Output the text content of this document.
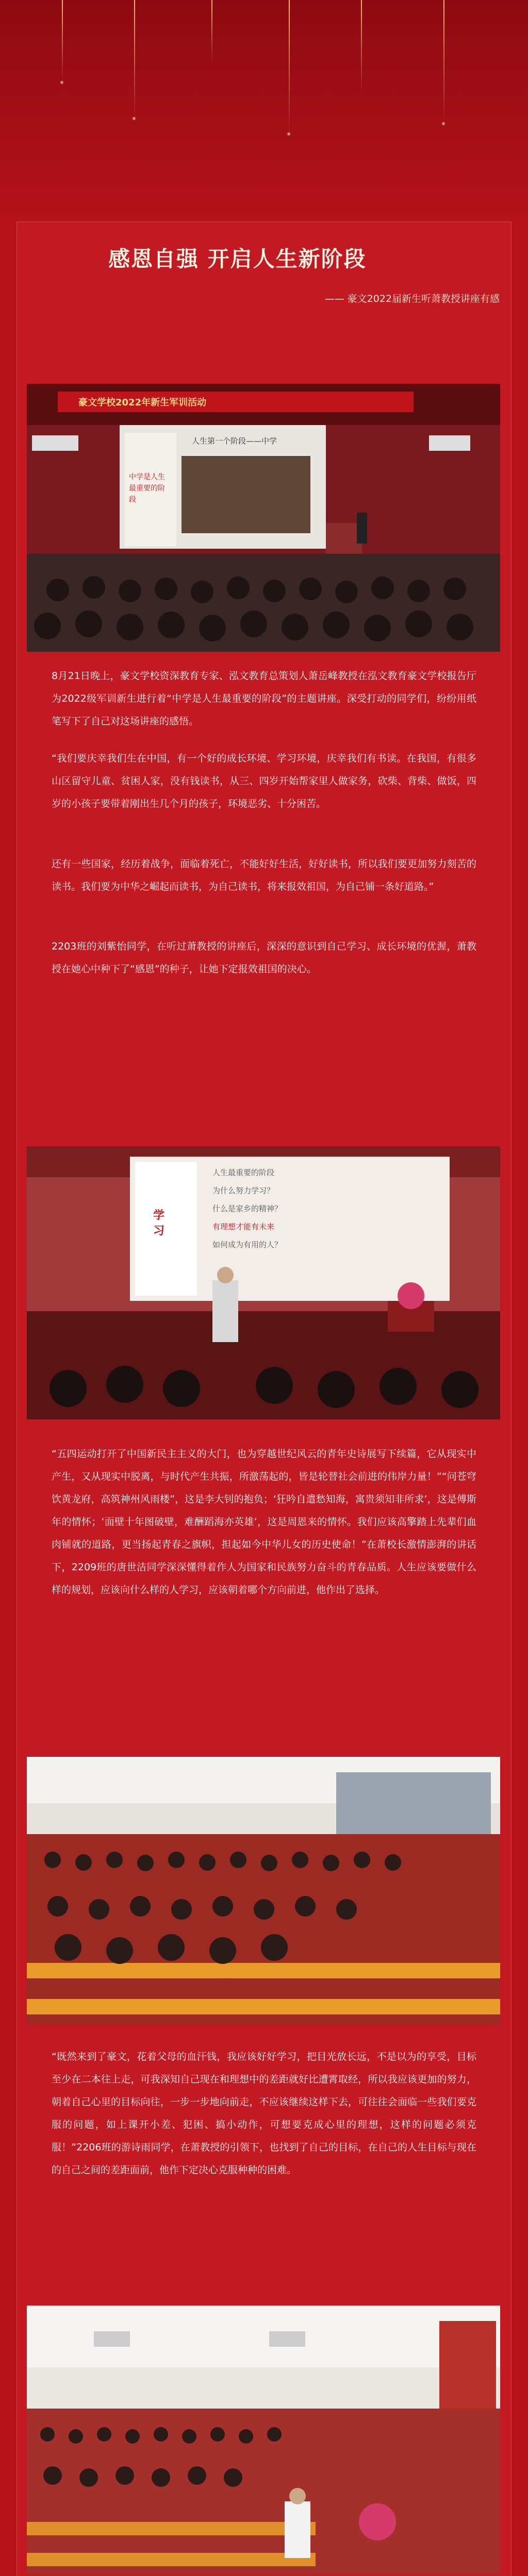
感恩自强 开启人生新阶段
—— 豪文2022届新生听萧教授讲座有感
豪文学校2022年新生军训活动
人生第一个阶段——中学
中学是人生最重要的阶段
8月21日晚上，豪文学校资深教育专家、泓文教育总策划人萧岳峰教授在泓文教育豪文学校报告厅为2022级军训新生进行着“中学是人生最重要的阶段”的主题讲座。深受打动的同学们，纷纷用纸笔写下了自己对这场讲座的感悟。
“我们要庆幸我们生在中国，有一个好的成长环境、学习环境，庆幸我们有书读。在我国，有很多山区留守儿童、贫困人家，没有钱读书，从三、四岁开始帮家里人做家务，砍柴、背柴、做饭，四岁的小孩子要带着刚出生几个月的孩子，环境恶劣、十分困苦。
还有一些国家，经历着战争，面临着死亡，不能好好生活，好好读书，所以我们要更加努力刻苦的读书。我们要为中华之崛起而读书，为自己读书，将来报效祖国，为自己铺一条好道路。”
2203班的刘紫怡同学，在听过萧教授的讲座后，深深的意识到自己学习、成长环境的优渥，萧教授在她心中种下了“感恩”的种子，让她下定报效祖国的决心。
学习
人生最重要的阶段
为什么努力学习？
什么是家乡的精神？
有理想才能有未来
如何成为有用的人？
“五四运动打开了中国新民主主义的大门，也为穿越世纪风云的青年史诗展写下续篇，它从现实中产生，又从现实中脱离，与时代产生共振，所激荡起的，皆是轮替社会前进的伟岸力量！”“问苍穹饮黄龙府，高筑神州风雨楼”，这是李大钊的抱负；‘狂吟自遣愁知海，寓贵须知非所求’，这是傅斯年的情怀；‘面壁十年图破壁，难酬蹈海亦英雄’，这是周恩来的情怀。我们应该高擎踏上先辈们血肉铺就的道路，更当扬起青春之旗帜，担起如今中华儿女的历史使命！”在萧校长激情澎湃的讲话下，2209班的唐世洁同学深深懂得着作人为国家和民族努力奋斗的青春品质。人生应该要做什么样的规划，应该向什么样的人学习，应该朝着哪个方向前进，他作出了选择。
“既然来到了豪文，花着父母的血汗钱，我应该好好学习，把目光放长远，不是以为的享受，目标至少在二本往上走，可我深知自己现在和理想中的差距就好比遭霄取经，所以我应该更加的努力，朝着自己心里的目标向往，一步一步地向前走，不应该继续这样下去，可往往会面临一些我们要克服的问题，如上课开小差、犯困、搞小动作，可想要克成心里的理想，这样的问题必须克服！”2206班的游诗雨同学，在萧教授的引领下，也找到了自己的目标，在自己的人生目标与现在的自己之间的差距面前，他作下定决心克服种种的困难。
